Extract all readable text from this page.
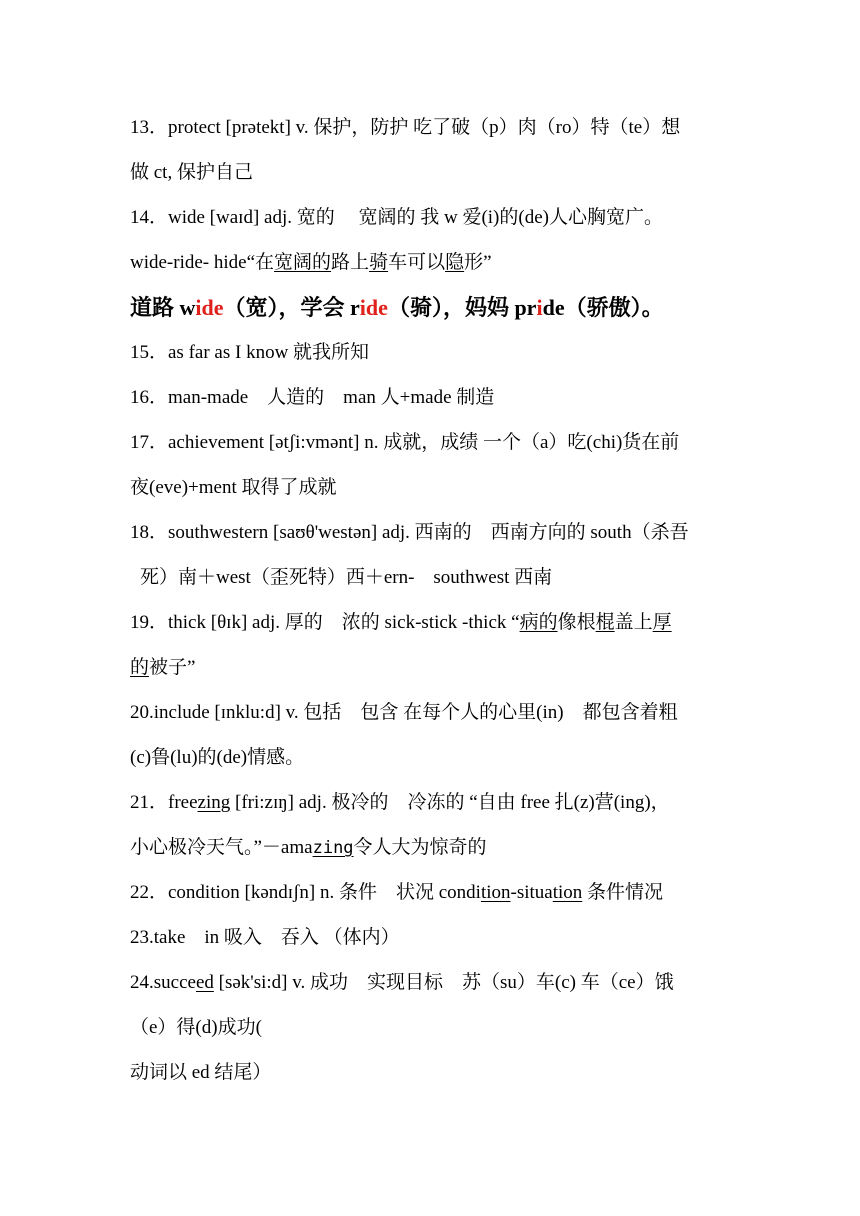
13．protect [prətekt] v. 保护，防护 吃了破（p）肉（ro）特（te）想
做 ct, 保护自己
14．wide [waɪd] adj. 宽的　 宽阔的 我 w 爱(i)的(de)人心胸宽广。
wide-ride- hide“在宽阔的路上骑车可以隐形”
道路 wide（宽），学会 ride（骑），妈妈 pride（骄傲）。
15．as far as I know 就我所知
16．man-made　人造的　man 人+made 制造
17．achievement [ətʃi:vmənt] n. 成就，成绩 一个（a）吃(chi)货在前
夜(eve)+ment 取得了成就
18．southwestern [saʊθ'westən] adj. 西南的　西南方向的 south（杀吾
死）南＋west（歪死特）西＋ern-　southwest 西南
19．thick [θɪk] adj. 厚的　浓的 sick-stick -thick “病的像根棍盖上厚
的被子”
20.include [ɪnklu:d] v. 包括　包含 在每个人的心里(in)　都包含着粗
(c)鲁(lu)的(de)情感。
21．freezing [fri:zɪŋ] adj. 极冷的　冷冻的 “自由 free 扎(z)营(ing)，
小心极冷天气。”－amazing令人大为惊奇的
22．condition [kəndɪʃn] n. 条件　状况 condition-situation 条件情况
23.take　in 吸入　吞入 （体内）
24.succeed [sək'si:d] v. 成功　实现目标　苏（su）车(c) 车（ce）饿
（e）得(d)成功(
动词以 ed 结尾）
